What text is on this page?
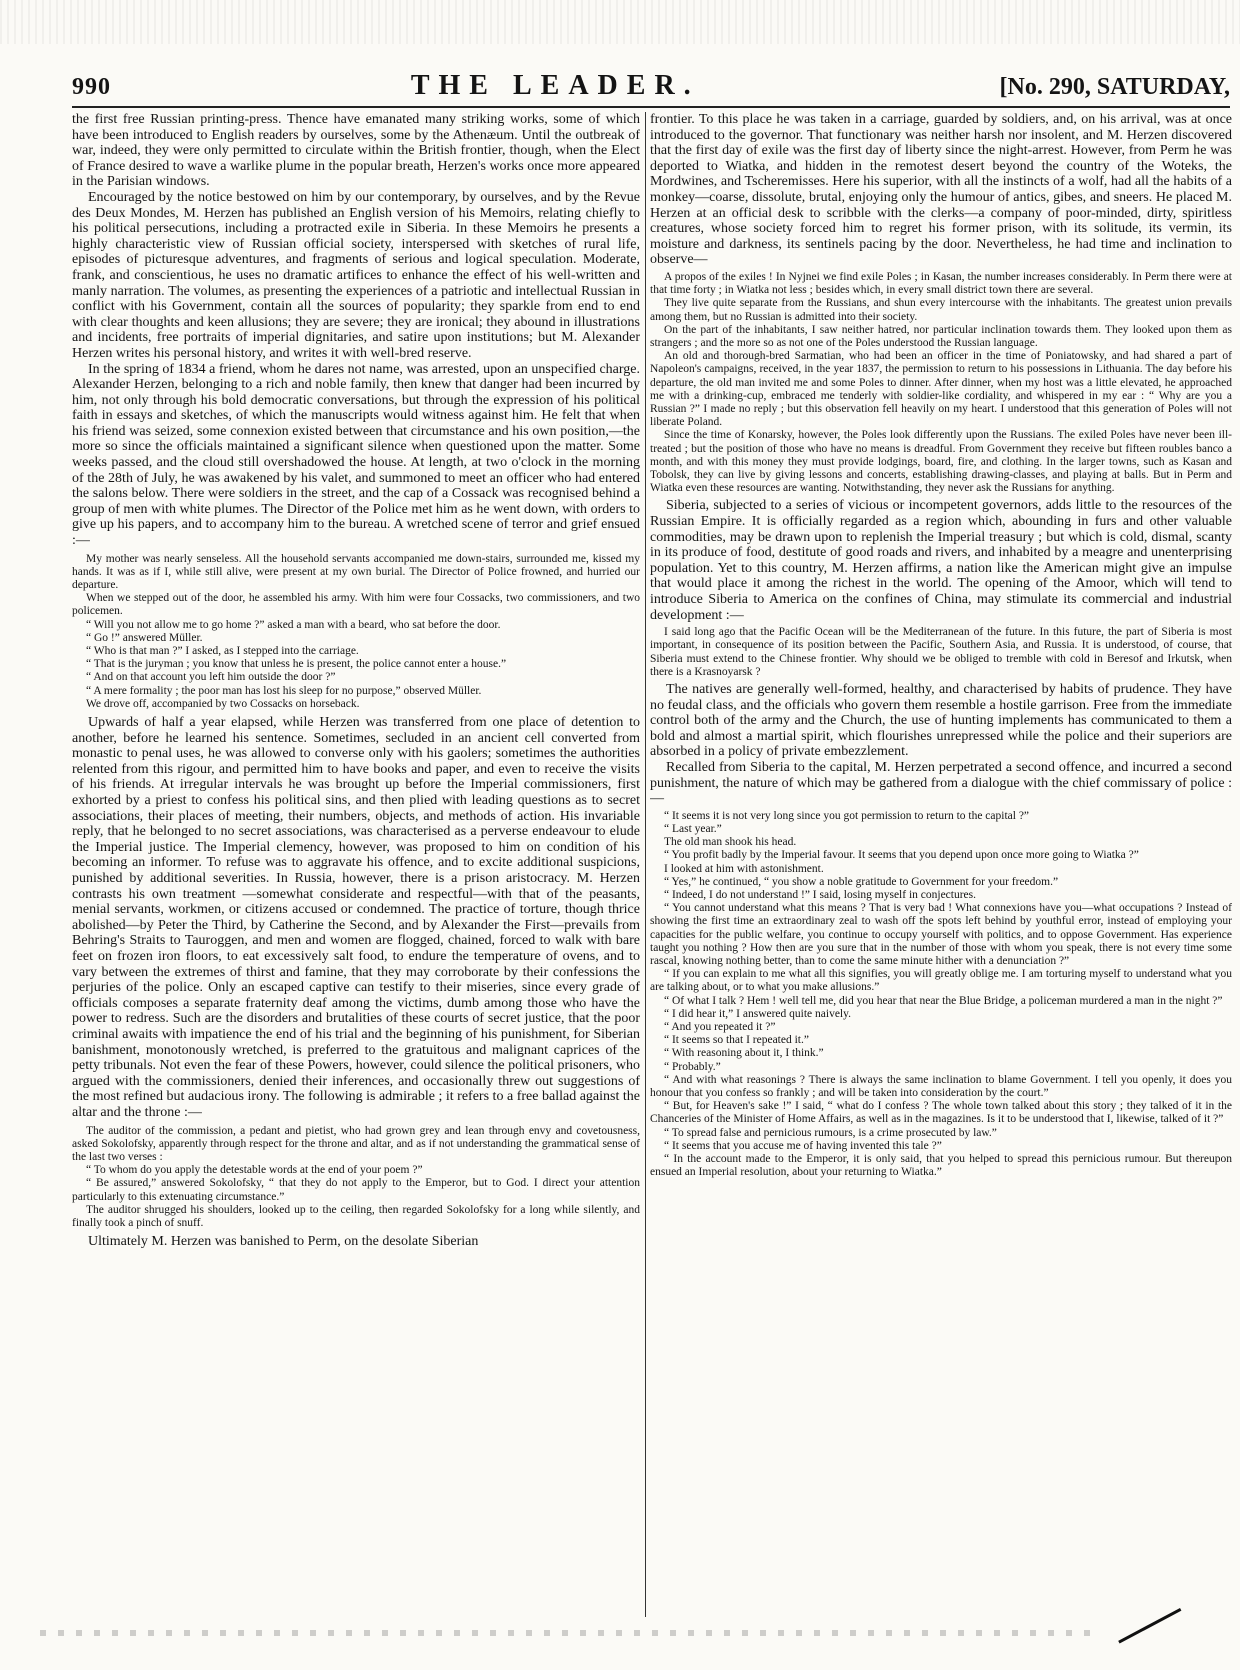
990	THE LEADER.	[No. 290, SATURDAY,

the first free Russian printing-press. Thence have emanated many striking works, some of which have been introduced to English readers by ourselves, some by the Athenæum. Until the outbreak of war, indeed, they were only permitted to circulate within the British frontier, though, when the Elect of France desired to wave a warlike plume in the popular breath, Herzen's works once more appeared in the Parisian windows.

Encouraged by the notice bestowed on him by our contemporary, by ourselves, and by the Revue des Deux Mondes, M. Herzen has published an English version of his Memoirs, relating chiefly to his political persecutions, including a protracted exile in Siberia. In these Memoirs he presents a highly characteristic view of Russian official society, interspersed with sketches of rural life, episodes of picturesque adventures, and fragments of serious and logical speculation. Moderate, frank, and conscientious, he uses no dramatic artifices to enhance the effect of his well-written and manly narration. The volumes, as presenting the experiences of a patriotic and intellectual Russian in conflict with his Government, contain all the sources of popularity; they sparkle from end to end with clear thoughts and keen allusions; they are severe; they are ironical; they abound in illustrations and incidents, free portraits of imperial dignitaries, and satire upon institutions; but M. Alexander Herzen writes his personal history, and writes it with well-bred reserve.

In the spring of 1834 a friend, whom he dares not name, was arrested, upon an unspecified charge. Alexander Herzen, belonging to a rich and noble family, then knew that danger had been incurred by him, not only through his bold democratic conversations, but through the expression of his political faith in essays and sketches, of which the manuscripts would witness against him. He felt that when his friend was seized, some connexion existed between that circumstance and his own position,—the more so since the officials maintained a significant silence when questioned upon the matter. Some weeks passed, and the cloud still overshadowed the house. At length, at two o'clock in the morning of the 28th of July, he was awakened by his valet, and summoned to meet an officer who had entered the salons below. There were soldiers in the street, and the cap of a Cossack was recognised behind a group of men with white plumes. The Director of the Police met him as he went down, with orders to give up his papers, and to accompany him to the bureau. A wretched scene of terror and grief ensued :—

My mother was nearly senseless. All the household servants accompanied me down-stairs, surrounded me, kissed my hands. It was as if I, while still alive, were present at my own burial. The Director of Police frowned, and hurried our departure.

When we stepped out of the door, he assembled his army. With him were four Cossacks, two commissioners, and two policemen.

“ Will you not allow me to go home ?” asked a man with a beard, who sat before the door.

“ Go !” answered Müller.

“ Who is that man ?” I asked, as I stepped into the carriage.

“ That is the juryman ; you know that unless he is present, the police cannot enter a house.”

“ And on that account you left him outside the door ?”

“ A mere formality ; the poor man has lost his sleep for no purpose,” observed Müller.

We drove off, accompanied by two Cossacks on horseback.

Upwards of half a year elapsed, while Herzen was transferred from one place of detention to another, before he learned his sentence. Sometimes, secluded in an ancient cell converted from monastic to penal uses, he was allowed to converse only with his gaolers; sometimes the authorities relented from this rigour, and permitted him to have books and paper, and even to receive the visits of his friends. At irregular intervals he was brought up before the Imperial commissioners, first exhorted by a priest to confess his political sins, and then plied with leading questions as to secret associations, their places of meeting, their numbers, objects, and methods of action. His invariable reply, that he belonged to no secret associations, was characterised as a perverse endeavour to elude the Imperial justice. The Imperial clemency, however, was proposed to him on condition of his becoming an informer. To refuse was to aggravate his offence, and to excite additional suspicions, punished by additional severities. In Russia, however, there is a prison aristocracy. M. Herzen contrasts his own treatment —somewhat considerate and respectful—with that of the peasants, menial servants, workmen, or citizens accused or condemned. The practice of torture, though thrice abolished—by Peter the Third, by Catherine the Second, and by Alexander the First—prevails from Behring's Straits to Tauroggen, and men and women are flogged, chained, forced to walk with bare feet on frozen iron floors, to eat excessively salt food, to endure the temperature of ovens, and to vary between the extremes of thirst and famine, that they may corroborate by their confessions the perjuries of the police. Only an escaped captive can testify to their miseries, since every grade of officials composes a separate fraternity deaf among the victims, dumb among those who have the power to redress. Such are the disorders and brutalities of these courts of secret justice, that the poor criminal awaits with impatience the end of his trial and the beginning of his punishment, for Siberian banishment, monotonously wretched, is preferred to the gratuitous and malignant caprices of the petty tribunals. Not even the fear of these Powers, however, could silence the political prisoners, who argued with the commissioners, denied their inferences, and occasionally threw out suggestions of the most refined but audacious irony. The following is admirable ; it refers to a free ballad against the altar and the throne :—

The auditor of the commission, a pedant and pietist, who had grown grey and lean through envy and covetousness, asked Sokolofsky, apparently through respect for the throne and altar, and as if not understanding the grammatical sense of the last two verses :

“ To whom do you apply the detestable words at the end of your poem ?”

“ Be assured,” answered Sokolofsky, “ that they do not apply to the Emperor, but to God. I direct your attention particularly to this extenuating circumstance.”

The auditor shrugged his shoulders, looked up to the ceiling, then regarded Sokolofsky for a long while silently, and finally took a pinch of snuff.

Ultimately M. Herzen was banished to Perm, on the desolate Siberian

frontier. To this place he was taken in a carriage, guarded by soldiers, and, on his arrival, was at once introduced to the governor. That functionary was neither harsh nor insolent, and M. Herzen discovered that the first day of exile was the first day of liberty since the night-arrest. However, from Perm he was deported to Wiatka, and hidden in the remotest desert beyond the country of the Woteks, the Mordwines, and Tscheremisses. Here his superior, with all the instincts of a wolf, had all the habits of a monkey—coarse, dissolute, brutal, enjoying only the humour of antics, gibes, and sneers. He placed M. Herzen at an official desk to scribble with the clerks—a company of poor-minded, dirty, spiritless creatures, whose society forced him to regret his former prison, with its solitude, its vermin, its moisture and darkness, its sentinels pacing by the door. Nevertheless, he had time and inclination to observe—

A propos of the exiles ! In Nyjnei we find exile Poles ; in Kasan, the number increases considerably. In Perm there were at that time forty ; in Wiatka not less ; besides which, in every small district town there are several.

They live quite separate from the Russians, and shun every intercourse with the inhabitants. The greatest union prevails among them, but no Russian is admitted into their society.

On the part of the inhabitants, I saw neither hatred, nor particular inclination towards them. They looked upon them as strangers ; and the more so as not one of the Poles understood the Russian language.

An old and thorough-bred Sarmatian, who had been an officer in the time of Poniatowsky, and had shared a part of Napoleon's campaigns, received, in the year 1837, the permission to return to his possessions in Lithuania. The day before his departure, the old man invited me and some Poles to dinner. After dinner, when my host was a little elevated, he approached me with a drinking-cup, embraced me tenderly with soldier-like cordiality, and whispered in my ear : “ Why are you a Russian ?” I made no reply ; but this observation fell heavily on my heart. I understood that this generation of Poles will not liberate Poland.

Since the time of Konarsky, however, the Poles look differently upon the Russians. The exiled Poles have never been ill-treated ; but the position of those who have no means is dreadful. From Government they receive but fifteen roubles banco a month, and with this money they must provide lodgings, board, fire, and clothing. In the larger towns, such as Kasan and Tobolsk, they can live by giving lessons and concerts, establishing drawing-classes, and playing at balls. But in Perm and Wiatka even these resources are wanting. Notwithstanding, they never ask the Russians for anything.

Siberia, subjected to a series of vicious or incompetent governors, adds little to the resources of the Russian Empire. It is officially regarded as a region which, abounding in furs and other valuable commodities, may be drawn upon to replenish the Imperial treasury ; but which is cold, dismal, scanty in its produce of food, destitute of good roads and rivers, and inhabited by a meagre and unenterprising population. Yet to this country, M. Herzen affirms, a nation like the American might give an impulse that would place it among the richest in the world. The opening of the Amoor, which will tend to introduce Siberia to America on the confines of China, may stimulate its commercial and industrial development :—

I said long ago that the Pacific Ocean will be the Mediterranean of the future. In this future, the part of Siberia is most important, in consequence of its position between the Pacific, Southern Asia, and Russia. It is understood, of course, that Siberia must extend to the Chinese frontier. Why should we be obliged to tremble with cold in Beresof and Irkutsk, when there is a Krasnoyarsk ?

The natives are generally well-formed, healthy, and characterised by habits of prudence. They have no feudal class, and the officials who govern them resemble a hostile garrison. Free from the immediate control both of the army and the Church, the use of hunting implements has communicated to them a bold and almost a martial spirit, which flourishes unrepressed while the police and their superiors are absorbed in a policy of private embezzlement.

Recalled from Siberia to the capital, M. Herzen perpetrated a second offence, and incurred a second punishment, the nature of which may be gathered from a dialogue with the chief commissary of police :—

“ It seems it is not very long since you got permission to return to the capital ?”

“ Last year.”

The old man shook his head.

“ You profit badly by the Imperial favour. It seems that you depend upon once more going to Wiatka ?”

I looked at him with astonishment.

“ Yes,” he continued, “ you show a noble gratitude to Government for your freedom.”

“ Indeed, I do not understand !” I said, losing myself in conjectures.

“ You cannot understand what this means ? That is very bad ! What connexions have you—what occupations ? Instead of showing the first time an extraordinary zeal to wash off the spots left behind by youthful error, instead of employing your capacities for the public welfare, you continue to occupy yourself with politics, and to oppose Government. Has experience taught you nothing ? How then are you sure that in the number of those with whom you speak, there is not every time some rascal, knowing nothing better, than to come the same minute hither with a denunciation ?”

“ If you can explain to me what all this signifies, you will greatly oblige me. I am torturing myself to understand what you are talking about, or to what you make allusions.”

“ Of what I talk ? Hem ! well tell me, did you hear that near the Blue Bridge, a policeman murdered a man in the night ?”

“ I did hear it,” I answered quite naively.

“ And you repeated it ?”

“ It seems so that I repeated it.”

“ With reasoning about it, I think.”

“ Probably.”

“ And with what reasonings ? There is always the same inclination to blame Government. I tell you openly, it does you honour that you confess so frankly ; and will be taken into consideration by the court.”

“ But, for Heaven's sake !” I said, “ what do I confess ? The whole town talked about this story ; they talked of it in the Chanceries of the Minister of Home Affairs, as well as in the magazines. Is it to be understood that I, likewise, talked of it ?”

“ To spread false and pernicious rumours, is a crime prosecuted by law.”

“ It seems that you accuse me of having invented this tale ?”

“ In the account made to the Emperor, it is only said, that you helped to spread this pernicious rumour. But thereupon ensued an Imperial resolution, about your returning to Wiatka.”
